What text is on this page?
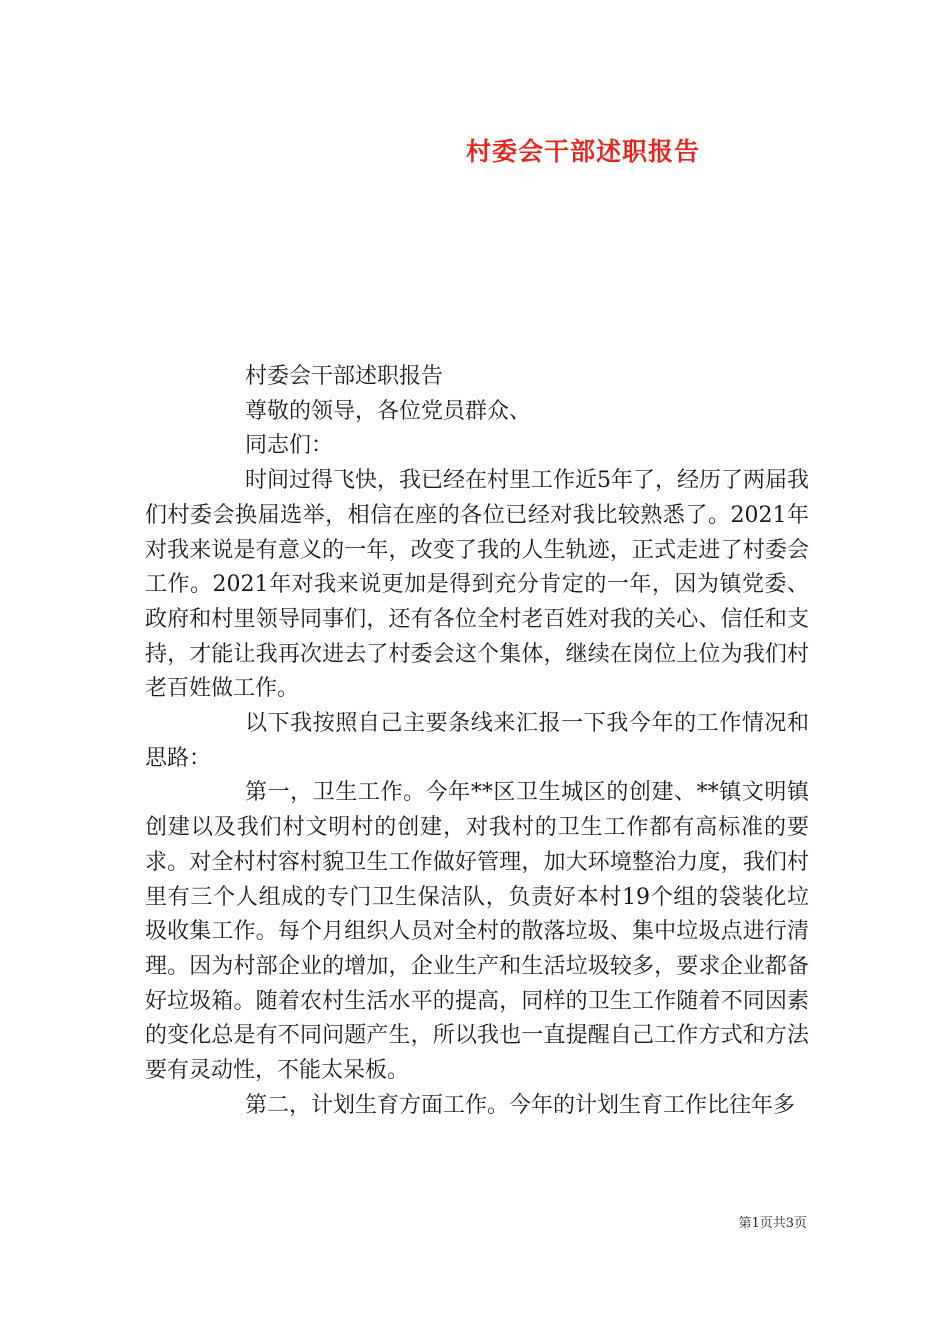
村委会干部述职报告

村委会干部述职报告

尊敬的领导，各位党员群众、

同志们：

时间过得飞快，我已经在村里工作近5年了，经历了两届我们村委会换届选举，相信在座的各位已经对我比较熟悉了。2021年对我来说是有意义的一年，改变了我的人生轨迹，正式走进了村委会工作。2021年对我来说更加是得到充分肯定的一年，因为镇党委、政府和村里领导同事们，还有各位全村老百姓对我的关心、信任和支持，才能让我再次进去了村委会这个集体，继续在岗位上位为我们村老百姓做工作。

以下我按照自己主要条线来汇报一下我今年的工作情况和思路：

第一，卫生工作。今年**区卫生城区的创建、**镇文明镇创建以及我们村文明村的创建，对我村的卫生工作都有高标准的要求。对全村村容村貌卫生工作做好管理，加大环境整治力度，我们村里有三个人组成的专门卫生保洁队，负责好本村19个组的袋装化垃圾收集工作。每个月组织人员对全村的散落垃圾、集中垃圾点进行清理。因为村部企业的增加，企业生产和生活垃圾较多，要求企业都备好垃圾箱。随着农村生活水平的提高，同样的卫生工作随着不同因素的变化总是有不同问题产生，所以我也一直提醒自己工作方式和方法要有灵动性，不能太呆板。

第二，计划生育方面工作。今年的计划生育工作比往年多

第1页共3页
